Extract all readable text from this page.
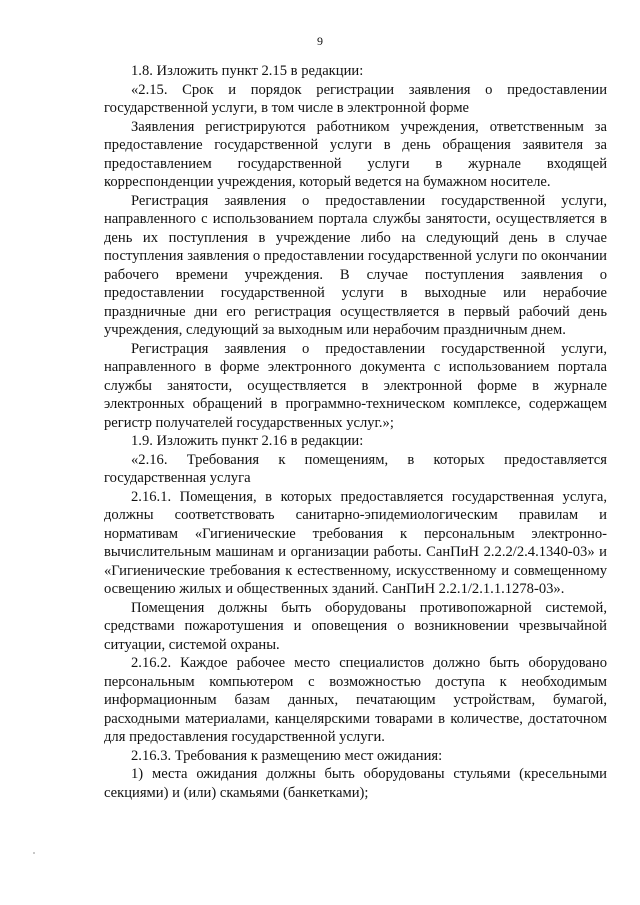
9

1.8. Изложить пункт 2.15 в редакции:

«2.15. Срок и порядок регистрации заявления о предоставлении государственной услуги, в том числе в электронной форме

Заявления регистрируются работником учреждения, ответственным за предоставление государственной услуги в день обращения заявителя за предоставлением государственной услуги в журнале входящей корреспонденции учреждения, который ведется на бумажном носителе.

Регистрация заявления о предоставлении государственной услуги, направленного с использованием портала службы занятости, осуществляется в день их поступления в учреждение либо на следующий день в случае поступления заявления о предоставлении государственной услуги по окончании рабочего времени учреждения. В случае поступления заявления о предоставлении государственной услуги в выходные или нерабочие праздничные дни его регистрация осуществляется в первый рабочий день учреждения, следующий за выходным или нерабочим праздничным днем.

Регистрация заявления о предоставлении государственной услуги, направленного в форме электронного документа с использованием портала службы занятости, осуществляется в электронной форме в журнале электронных обращений в программно-техническом комплексе, содержащем регистр получателей государственных услуг.»;

1.9. Изложить пункт 2.16 в редакции:

«2.16. Требования к помещениям, в которых предоставляется государственная услуга

2.16.1. Помещения, в которых предоставляется государственная услуга, должны соответствовать санитарно-эпидемиологическим правилам и нормативам «Гигиенические требования к персональным электронно-вычислительным машинам и организации работы. СанПиН 2.2.2/2.4.1340-03» и «Гигиенические требования к естественному, искусственному и совмещенному освещению жилых и общественных зданий. СанПиН 2.2.1/2.1.1.1278-03».

Помещения должны быть оборудованы противопожарной системой, средствами пожаротушения и оповещения о возникновении чрезвычайной ситуации, системой охраны.

2.16.2. Каждое рабочее место специалистов должно быть оборудовано персональным компьютером с возможностью доступа к необходимым информационным базам данных, печатающим устройствам, бумагой, расходными материалами, канцелярскими товарами в количестве, достаточном для предоставления государственной услуги.

2.16.3. Требования к размещению мест ожидания:

1) места ожидания должны быть оборудованы стульями (кресельными секциями) и (или) скамьями (банкетками);
